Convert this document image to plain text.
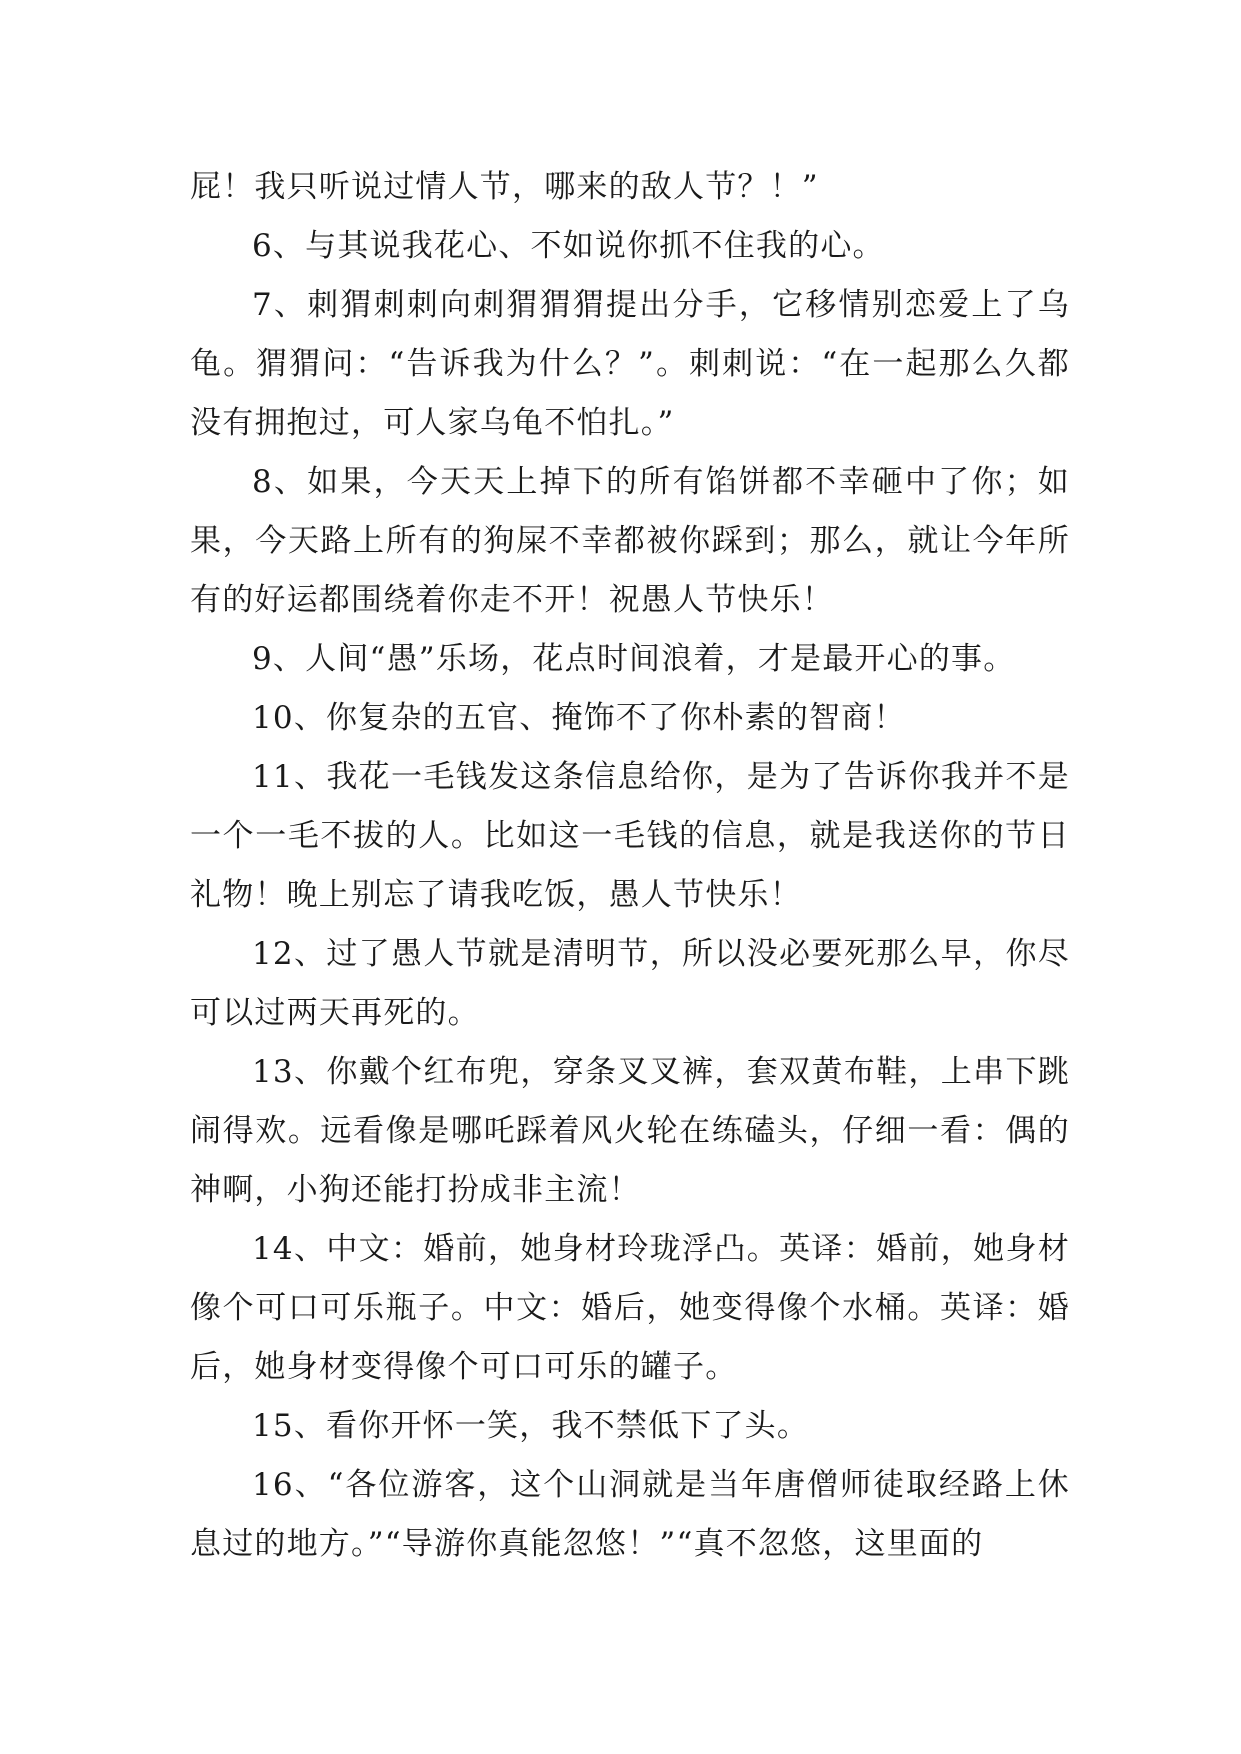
屁！我只听说过情人节，哪来的敌人节？！”

6、与其说我花心、不如说你抓不住我的心。

7、刺猬刺刺向刺猬猬猬提出分手，它移情别恋爱上了乌龟。猬猬问：“告诉我为什么？”。刺刺说：“在一起那么久都没有拥抱过，可人家乌龟不怕扎。”

8、如果，今天天上掉下的所有馅饼都不幸砸中了你；如果，今天路上所有的狗屎不幸都被你踩到；那么，就让今年所有的好运都围绕着你走不开！祝愚人节快乐！

9、人间“愚”乐场，花点时间浪着，才是最开心的事。

10、你复杂的五官、掩饰不了你朴素的智商！

11、我花一毛钱发这条信息给你，是为了告诉你我并不是一个一毛不拔的人。比如这一毛钱的信息，就是我送你的节日礼物！晚上别忘了请我吃饭，愚人节快乐！

12、过了愚人节就是清明节，所以没必要死那么早，你尽可以过两天再死的。

13、你戴个红布兜，穿条叉叉裤，套双黄布鞋，上串下跳闹得欢。远看像是哪吒踩着风火轮在练磕头，仔细一看：偶的神啊，小狗还能打扮成非主流！

14、中文：婚前，她身材玲珑浮凸。英译：婚前，她身材像个可口可乐瓶子。中文：婚后，她变得像个水桶。英译：婚后，她身材变得像个可口可乐的罐子。

15、看你开怀一笑，我不禁低下了头。

16、“各位游客，这个山洞就是当年唐僧师徒取经路上休息过的地方。”“导游你真能忽悠！”“真不忽悠，这里面的
